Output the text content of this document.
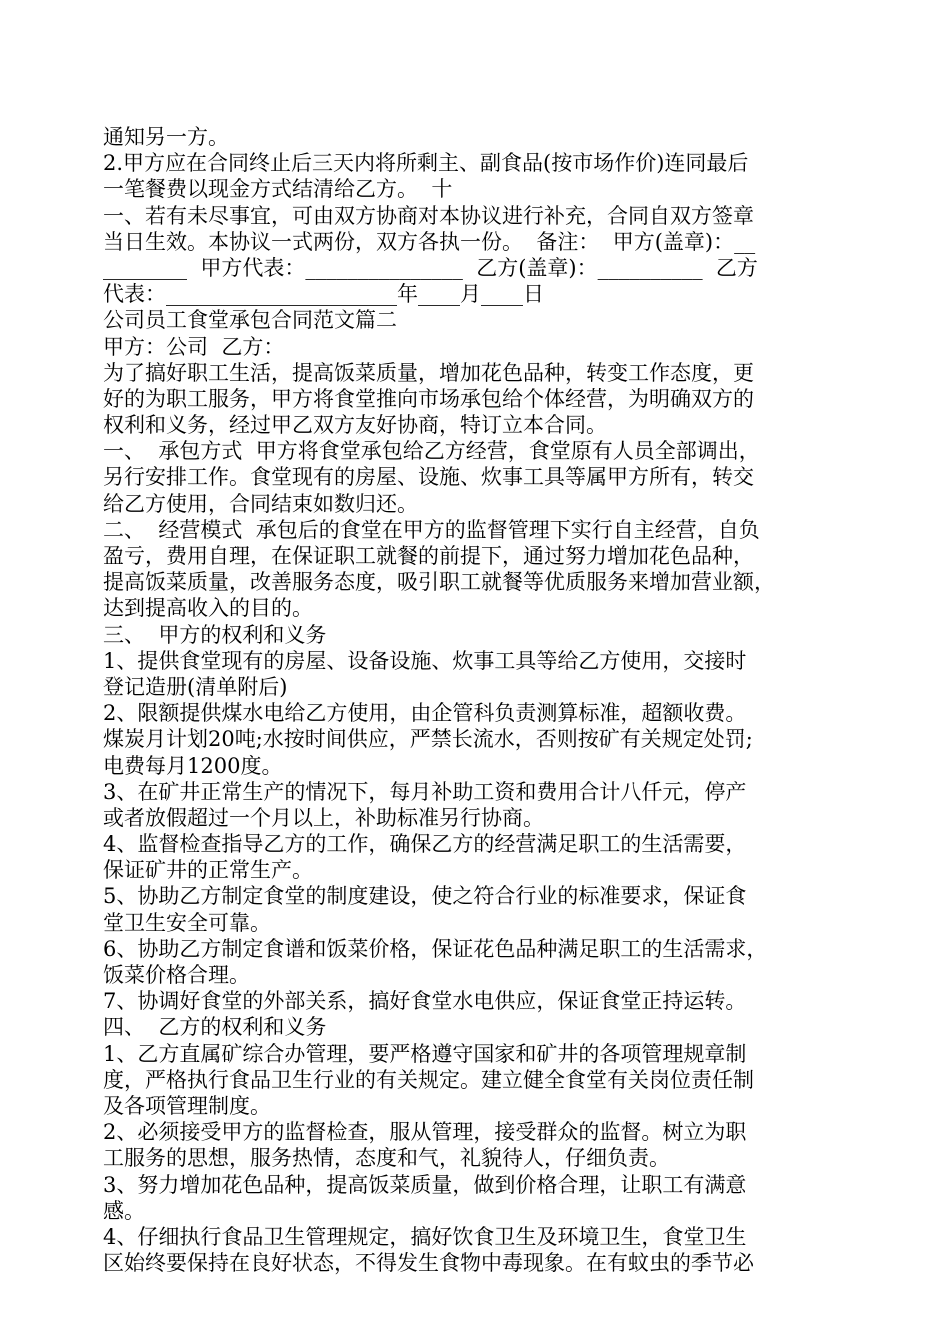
通知另一方。
2.甲方应在合同终止后三天内将所剩主、副食品(按市场作价)连同最后
一笔餐费以现金方式结清给乙方。  十
一、若有未尽事宜，可由双方协商对本协议进行补充，合同自双方签章
当日生效。本协议一式两份，双方各执一份。  备注：  甲方(盖章)：__
________  甲方代表：_______________  乙方(盖章)：__________  乙方
代表：______________________年____月____日
公司员工食堂承包合同范文篇二
甲方：公司  乙方：
为了搞好职工生活，提高饭菜质量，增加花色品种，转变工作态度，更
好的为职工服务，甲方将食堂推向市场承包给个体经营，为明确双方的
权利和义务，经过甲乙双方友好协商，特订立本合同。
一、  承包方式  甲方将食堂承包给乙方经营，食堂原有人员全部调出，
另行安排工作。食堂现有的房屋、设施、炊事工具等属甲方所有，转交
给乙方使用，合同结束如数归还。
二、  经营模式  承包后的食堂在甲方的监督管理下实行自主经营，自负
盈亏，费用自理，在保证职工就餐的前提下，通过努力增加花色品种，
提高饭菜质量，改善服务态度，吸引职工就餐等优质服务来增加营业额，
达到提高收入的目的。
三、  甲方的权利和义务
1、提供食堂现有的房屋、设备设施、炊事工具等给乙方使用，交接时
登记造册(清单附后)
2、限额提供煤水电给乙方使用，由企管科负责测算标准，超额收费。
煤炭月计划20吨;水按时间供应，严禁长流水，否则按矿有关规定处罚;
电费每月1200度。
3、在矿井正常生产的情况下，每月补助工资和费用合计八仟元，停产
或者放假超过一个月以上，补助标准另行协商。
4、监督检查指导乙方的工作，确保乙方的经营满足职工的生活需要，
保证矿井的正常生产。
5、协助乙方制定食堂的制度建设，使之符合行业的标准要求，保证食
堂卫生安全可靠。
6、协助乙方制定食谱和饭菜价格，保证花色品种满足职工的生活需求，
饭菜价格合理。
7、协调好食堂的外部关系，搞好食堂水电供应，保证食堂正持运转。
四、  乙方的权利和义务
1、乙方直属矿综合办管理，要严格遵守国家和矿井的各项管理规章制
度，严格执行食品卫生行业的有关规定。建立健全食堂有关岗位责任制
及各项管理制度。
2、必须接受甲方的监督检查，服从管理，接受群众的监督。树立为职
工服务的思想，服务热情，态度和气，礼貌待人，仔细负责。
3、努力增加花色品种，提高饭菜质量，做到价格合理，让职工有满意
感。
4、仔细执行食品卫生管理规定，搞好饮食卫生及环境卫生，食堂卫生
区始终要保持在良好状态，不得发生食物中毒现象。在有蚊虫的季节必
